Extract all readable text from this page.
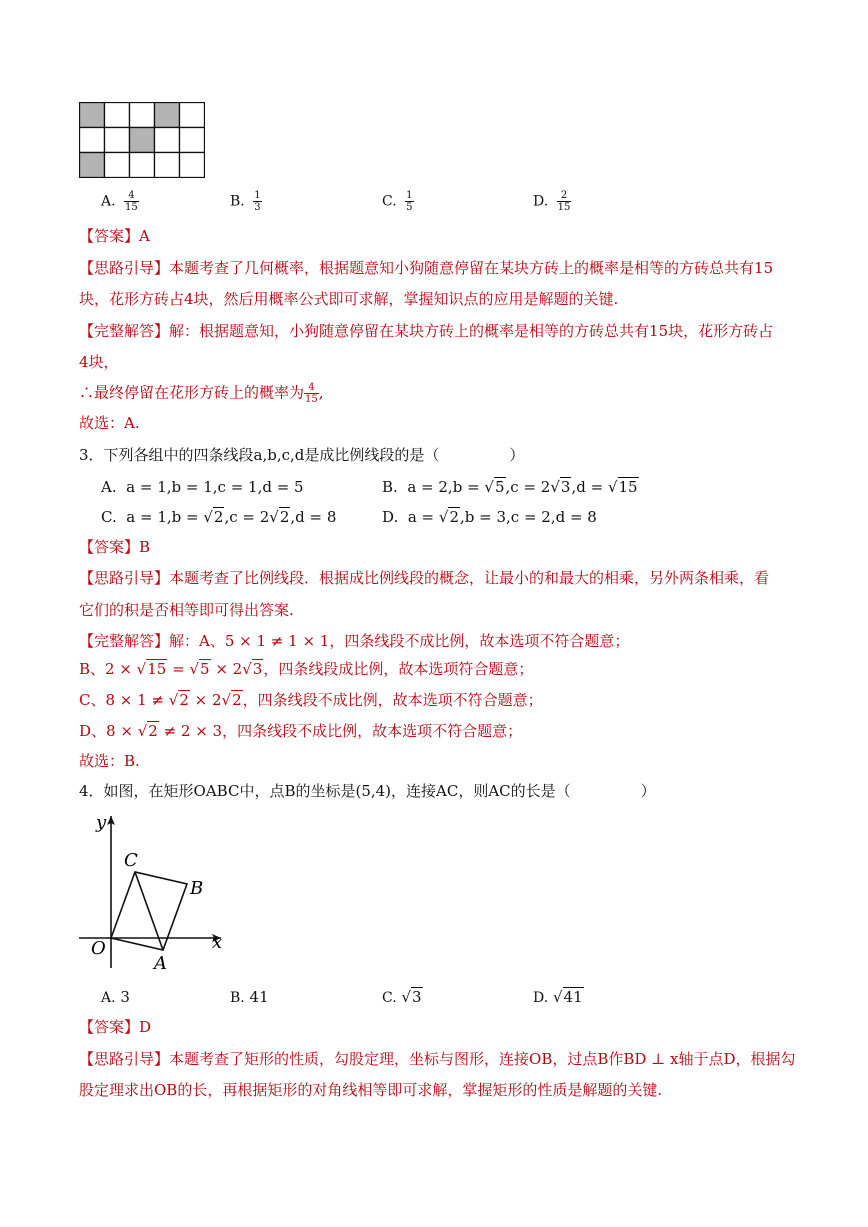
A. $\frac{4}{15}$	B. $\frac{1}{3}$	C. $\frac{1}{5}$	D. $\frac{2}{15}$
【答案】A
【思路引导】本题考查了几何概率，根据题意知小狗随意停留在某块方砖上的概率是相等的方砖总共有15
块，花形方砖占4块，然后用概率公式即可求解，掌握知识点的应用是解题的关键.
【完整解答】解：根据题意知，小狗随意停留在某块方砖上的概率是相等的方砖总共有15块，花形方砖占
4块，
∴最终停留在花形方砖上的概率为 $\frac{4}{15}$ ,
故选：A.
3．下列各组中的四条线段a,b,c,d是成比例线段的是（	）
A. a = 1,b = 1,c = 1,d = 5	B. a = 2,b = √5,c = 2√3,d = √15
C. a = 1,b = √2,c = 2√2,d = 8	D. a = √2,b = 3,c = 2,d = 8
【答案】B
【思路引导】本题考查了比例线段．根据成比例线段的概念，让最小的和最大的相乘，另外两条相乘，看
它们的积是否相等即可得出答案.
【完整解答】解：A、5 × 1 ≠ 1 × 1，四条线段不成比例，故本选项不符合题意；
B、2 × √15 = √5 × 2√3，四条线段成比例，故本选项符合题意；
C、8 × 1 ≠ √2 × 2√2，四条线段不成比例，故本选项不符合题意；
D、8 × √2 ≠ 2 × 3，四条线段不成比例，故本选项不符合题意；
故选：B.
4．如图，在矩形OABC中，点B的坐标是(5,4)，连接AC，则AC的长是（	）
y
x
O
A
B
C
A. 3	B. 41	C. √3	D. √41
【答案】D
【思路引导】本题考查了矩形的性质，勾股定理，坐标与图形，连接OB，过点B作BD ⊥ x轴于点D，根据勾
股定理求出OB的长，再根据矩形的对角线相等即可求解，掌握矩形的性质是解题的关键.
